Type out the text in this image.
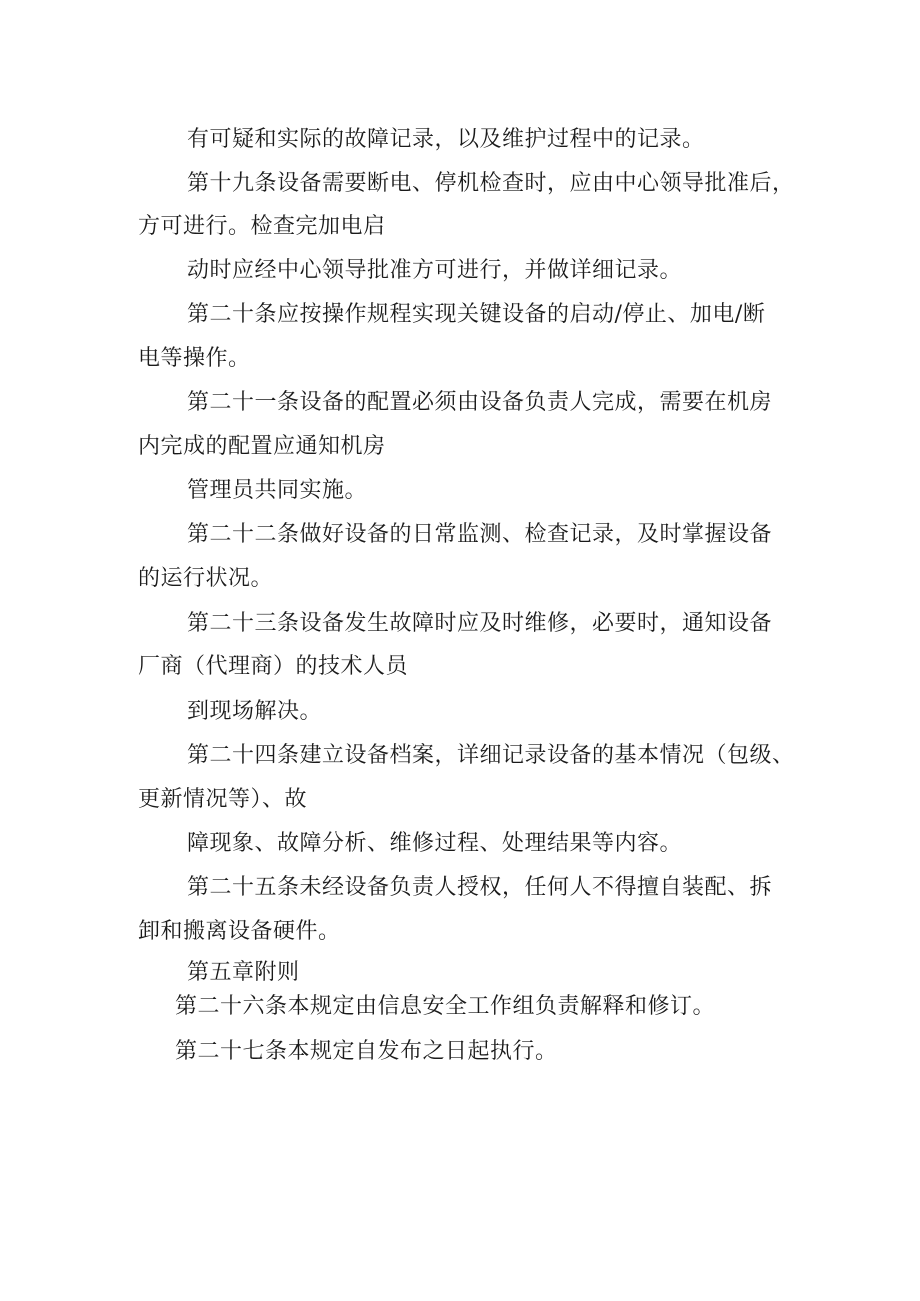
有可疑和实际的故障记录，以及维护过程中的记录。
第十九条设备需要断电、停机检查时，应由中心领导批准后，
方可进行。检查完加电启
动时应经中心领导批准方可进行，并做详细记录。
第二十条应按操作规程实现关键设备的启动/停止、加电/断
电等操作。
第二十一条设备的配置必须由设备负责人完成，需要在机房
内完成的配置应通知机房
管理员共同实施。
第二十二条做好设备的日常监测、检查记录，及时掌握设备
的运行状况。
第二十三条设备发生故障时应及时维修，必要时，通知设备
厂商（代理商）的技术人员
到现场解决。
第二十四条建立设备档案，详细记录设备的基本情况（包级、
更新情况等）、故
障现象、故障分析、维修过程、处理结果等内容。
第二十五条未经设备负责人授权，任何人不得擅自装配、拆
卸和搬离设备硬件。
第五章附则
第二十六条本规定由信息安全工作组负责解释和修订。
第二十七条本规定自发布之日起执行。
